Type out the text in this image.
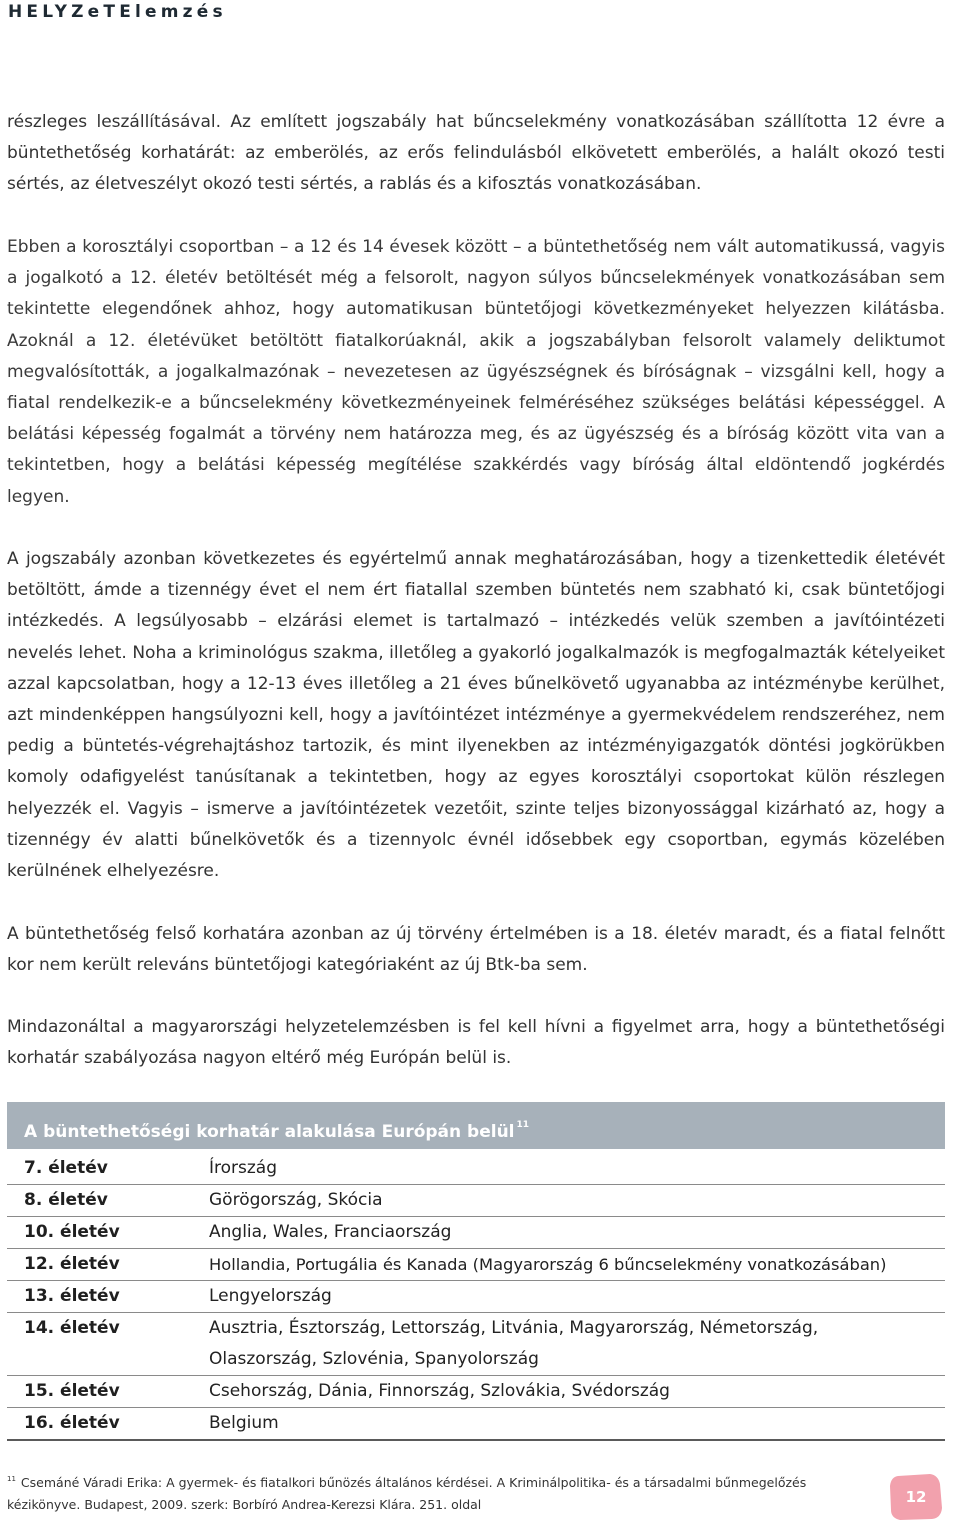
HELYZeTElemzés

részleges leszállításával. Az említett jogszabály hat bűncselekmény vonatkozásában szállította 12 évre a büntethetőség korhatárát: az emberölés, az erős felindulásból elkövetett emberölés, a halált okozó testi sértés, az életveszélyt okozó testi sértés, a rablás és a kifosztás vonatkozásában.

Ebben a korosztályi csoportban – a 12 és 14 évesek között – a büntethetőség nem vált automatikussá, vagyis a jogalkotó a 12. életév betöltését még a felsorolt, nagyon súlyos bűncselekmények vonatkozásában sem tekintette elegendőnek ahhoz, hogy automatikusan büntetőjogi következményeket helyezzen kilátásba. Azoknál a 12. életévüket betöltött fiatalkorúaknál, akik a jogszabályban felsorolt valamely deliktumot megvalósították, a jogalkalmazónak – nevezetesen az ügyészségnek és bíróságnak – vizsgálni kell, hogy a fiatal rendelkezik-e a bűncselekmény következményeinek felméréséhez szükséges belátási képességgel. A belátási képesség fogalmát a törvény nem határozza meg, és az ügyészség és a bíróság között vita van a tekintetben, hogy a belátási képesség megítélése szakkérdés vagy bíróság által eldöntendő jogkérdés legyen.

A jogszabály azonban következetes és egyértelmű annak meghatározásában, hogy a tizenkettedik életévét betöltött, ámde a tizennégy évet el nem ért fiatallal szemben büntetés nem szabható ki, csak büntetőjogi intézkedés. A legsúlyosabb – elzárási elemet is tartalmazó – intézkedés velük szemben a javítóintézeti nevelés lehet. Noha a kriminológus szakma, illetőleg a gyakorló jogalkalmazók is megfogalmazták kételyeiket azzal kapcsolatban, hogy a 12-13 éves illetőleg a 21 éves bűnelkövető ugyanabba az intézménybe kerülhet, azt mindenképpen hangsúlyozni kell, hogy a javítóintézet intézménye a gyermekvédelem rendszeréhez, nem pedig a büntetés-végrehajtáshoz tartozik, és mint ilyenekben az intézményigazgatók döntési jogkörükben komoly odafigyelést tanúsítanak a tekintetben, hogy az egyes korosztályi csoportokat külön részlegen helyezzék el. Vagyis – ismerve a javítóintézetek vezetőit, szinte teljes bizonyossággal kizárható az, hogy a tizennégy év alatti bűnelkövetők és a tizennyolc évnél idősebbek egy csoportban, egymás közelében kerülnének elhelyezésre.

A büntethetőség felső korhatára azonban az új törvény értelmében is a 18. életév maradt, és a fiatal felnőtt kor nem került releváns büntetőjogi kategóriaként az új Btk-ba sem.

Mindazonáltal a magyarországi helyzetelemzésben is fel kell hívni a figyelmet arra, hogy a büntethetőségi korhatár szabályozása nagyon eltérő még Európán belül is.

A büntethetőségi korhatár alakulása Európán belül $^{11}$
7. életév	Írország
8. életév	Görögország, Skócia
10. életév	Anglia, Wales, Franciaország
12. életév	Hollandia, Portugália és Kanada (Magyarország 6 bűncselekmény vonatkozásában)
13. életév	Lengyelország
14. életév	Ausztria, Észtország, Lettország, Litvánia, Magyarország, Németország, Olaszország, Szlovénia, Spanyolország
15. életév	Csehország, Dánia, Finnország, Szlovákia, Svédország
16. életév	Belgium
$^{11}$ Csemáné Váradi Erika: A gyermek- és fiatalkori bűnözés általános kérdései. A Kriminálpolitika- és a társadalmi bűnmegelőzés kézikönyve. Budapest, 2009. szerk: Borbíró Andrea-Kerezsi Klára. 251. oldal	12
